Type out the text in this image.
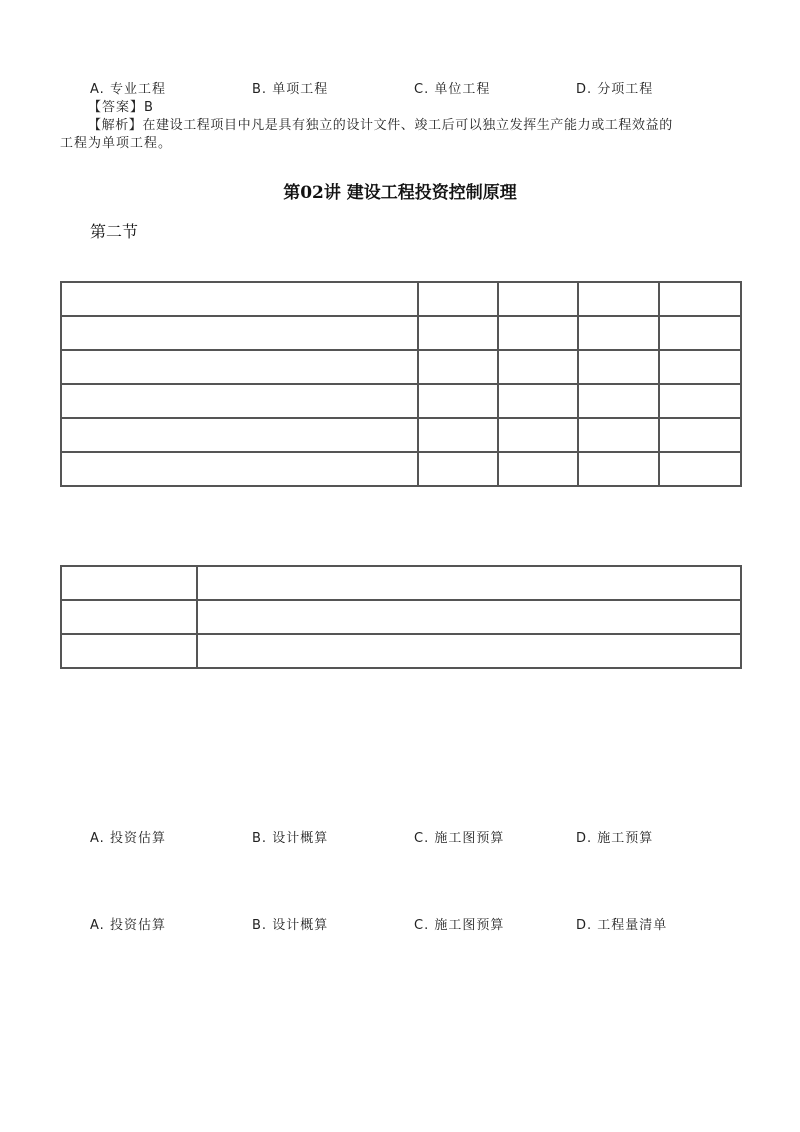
A. 专业工程	B. 单项工程	C. 单位工程	D. 分项工程
【答案】B
【解析】在建设工程项目中凡是具有独立的设计文件、竣工后可以独立发挥生产能力或工程效益的
工程为单项工程。
第02讲 建设工程投资控制原理
第二节

A. 投资估算	B. 设计概算	C. 施工图预算	D. 施工预算
A. 投资估算	B. 设计概算	C. 施工图预算	D. 工程量清单
